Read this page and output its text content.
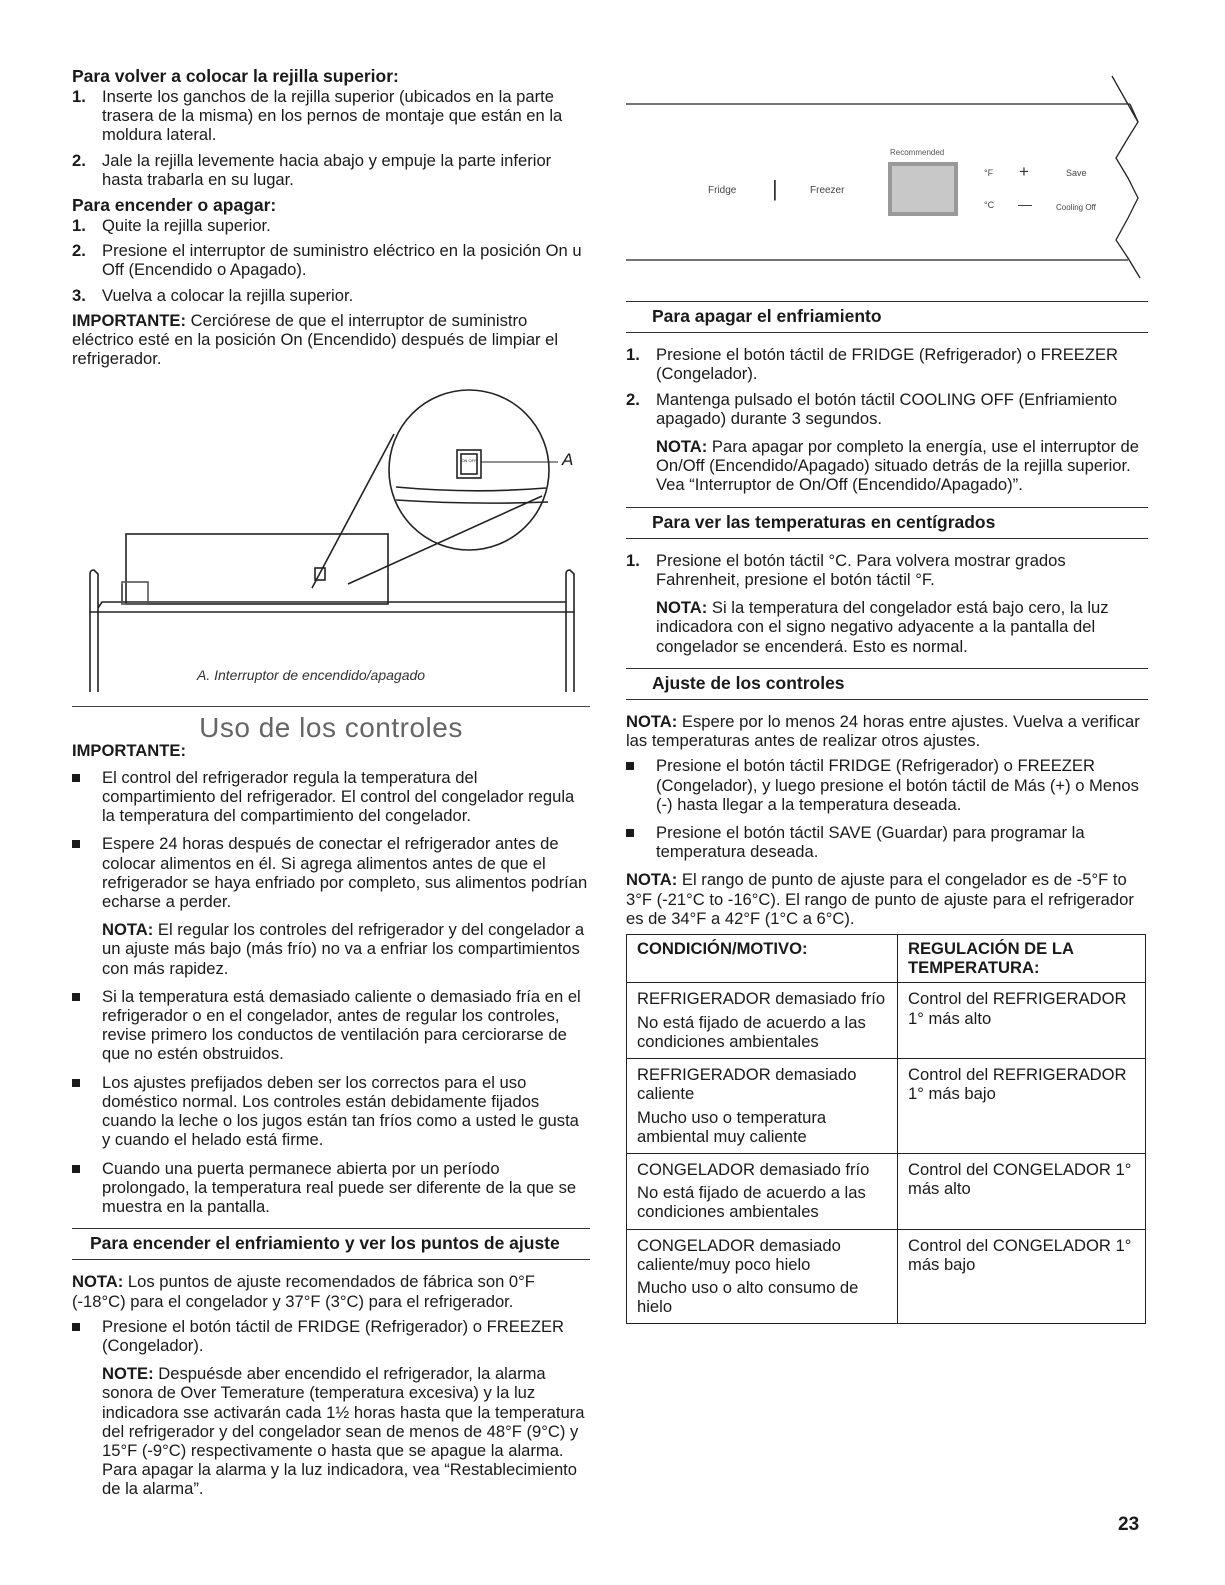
Para volver a colocar la rejilla superior:
1. Inserte los ganchos de la rejilla superior (ubicados en la parte trasera de la misma) en los pernos de montaje que están en la moldura lateral.
2. Jale la rejilla levemente hacia abajo y empuje la parte inferior hasta trabarla en su lugar.
Para encender o apagar:
1. Quite la rejilla superior.
2. Presione el interruptor de suministro eléctrico en la posición On u Off (Encendido o Apagado).
3. Vuelva a colocar la rejilla superior.

IMPORTANTE: Cerciórese de que el interruptor de suministro eléctrico esté en la posición On (Encendido) después de limpiar el refrigerador.

ON OFF	A
A. Interruptor de encendido/apagado
Uso de los controles

IMPORTANTE:

El control del refrigerador regula la temperatura del compartimiento del refrigerador. El control del congelador regula la temperatura del compartimiento del congelador.
Espere 24 horas después de conectar el refrigerador antes de colocar alimentos en él. Si agrega alimentos antes de que el refrigerador se haya enfriado por completo, sus alimentos podrían echarse a perder.

NOTA: El regular los controles del refrigerador y del congelador a un ajuste más bajo (más frío) no va a enfriar los compartimientos con más rapidez.

Si la temperatura está demasiado caliente o demasiado fría en el refrigerador o en el congelador, antes de regular los controles, revise primero los conductos de ventilación para cerciorarse de que no estén obstruidos.
Los ajustes prefijados deben ser los correctos para el uso doméstico normal. Los controles están debidamente fijados cuando la leche o los jugos están tan fríos como a usted le gusta y cuando el helado está firme.
Cuando una puerta permanece abierta por un período prolongado, la temperatura real puede ser diferente de la que se muestra en la pantalla.
Para encender el enfriamiento y ver los puntos de ajuste

NOTA: Los puntos de ajuste recomendados de fábrica son 0°F (-18°C) para el congelador y 37°F (3°C) para el refrigerador.

Presione el botón táctil de FRIDGE (Refrigerador) o FREEZER (Congelador).

NOTE: Despuésde aber encendido el refrigerador, la alarma sonora de Over Temerature (temperatura excesiva) y la luz indicadora sse activarán cada 1½ horas hasta que la temperatura del refrigerador y del congelador sean de menos de 48°F (9°C) y 15°F (-9°C) respectivamente o hasta que se apague la alarma. Para apagar la alarma y la luz indicadora, vea “Restablecimiento de la alarma”.

Fridge |	Freezer
Recommended
°F
°C
+
—
Save
Cooling Off
Para apagar el enfriamiento
1. Presione el botón táctil de FRIDGE (Refrigerador) o FREEZER (Congelador).
2. Mantenga pulsado el botón táctil COOLING OFF (Enfriamiento apagado) durante 3 segundos.

NOTA: Para apagar por completo la energía, use el interruptor de On/Off (Encendido/Apagado) situado detrás de la rejilla superior. Vea “Interruptor de On/Off (Encendido/Apagado)”.

Para ver las temperaturas en centígrados
1. Presione el botón táctil °C. Para volvera mostrar grados Fahrenheit, presione el botón táctil °F.

NOTA: Si la temperatura del congelador está bajo cero, la luz indicadora con el signo negativo adyacente a la pantalla del congelador se encenderá. Esto es normal.

Ajuste de los controles

NOTA: Espere por lo menos 24 horas entre ajustes. Vuelva a verificar las temperaturas antes de realizar otros ajustes.

Presione el botón táctil FRIDGE (Refrigerador) o FREEZER (Congelador), y luego presione el botón táctil de Más (+) o Menos (-) hasta llegar a la temperatura deseada.
Presione el botón táctil SAVE (Guardar) para programar la temperatura deseada.

NOTA: El rango de punto de ajuste para el congelador es de -5°F to 3°F (-21°C to -16°C). El rango de punto de ajuste para el refrigerador es de 34°F a 42°F (1°C a 6°C).

CONDICIÓN/MOTIVO:	REGULACIÓN DE LA TEMPERATURA:

REFRIGERADOR demasiado frío

No está fijado de acuerdo a las condiciones ambientales	Control del REFRIGERADOR 1° más alto

REFRIGERADOR demasiado caliente

Mucho uso o temperatura ambiental muy caliente	Control del REFRIGERADOR 1° más bajo

CONGELADOR demasiado frío

No está fijado de acuerdo a las condiciones ambientales	Control del CONGELADOR 1° más alto

CONGELADOR demasiado caliente/muy poco hielo

Mucho uso o alto consumo de hielo	Control del CONGELADOR 1° más bajo
23
